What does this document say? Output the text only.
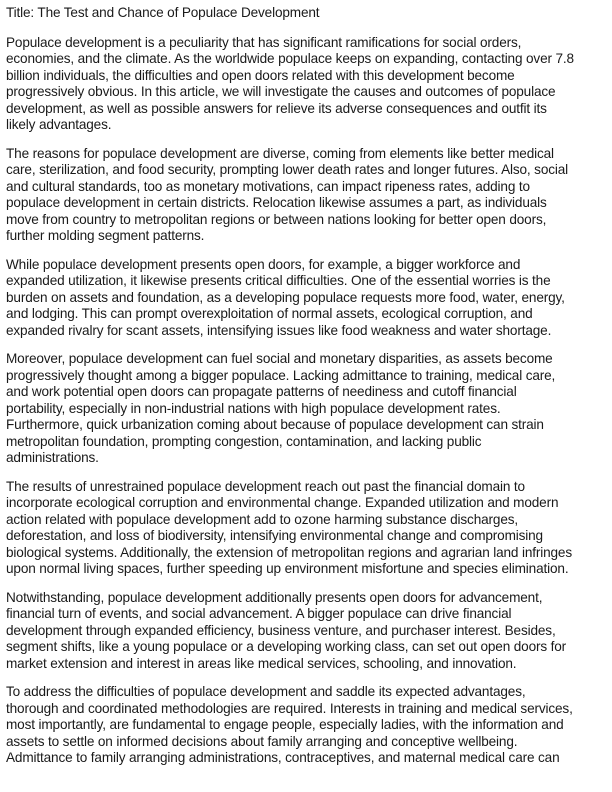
Title: The Test and Chance of Populace Development

Populace development is a peculiarity that has significant ramifications for social orders,
economies, and the climate. As the worldwide populace keeps on expanding, contacting over 7.8
billion individuals, the difficulties and open doors related with this development become
progressively obvious. In this article, we will investigate the causes and outcomes of populace
development, as well as possible answers for relieve its adverse consequences and outfit its
likely advantages.

The reasons for populace development are diverse, coming from elements like better medical
care, sterilization, and food security, prompting lower death rates and longer futures. Also, social
and cultural standards, too as monetary motivations, can impact ripeness rates, adding to
populace development in certain districts. Relocation likewise assumes a part, as individuals
move from country to metropolitan regions or between nations looking for better open doors,
further molding segment patterns.

While populace development presents open doors, for example, a bigger workforce and
expanded utilization, it likewise presents critical difficulties. One of the essential worries is the
burden on assets and foundation, as a developing populace requests more food, water, energy,
and lodging. This can prompt overexploitation of normal assets, ecological corruption, and
expanded rivalry for scant assets, intensifying issues like food weakness and water shortage.

Moreover, populace development can fuel social and monetary disparities, as assets become
progressively thought among a bigger populace. Lacking admittance to training, medical care,
and work potential open doors can propagate patterns of neediness and cutoff financial
portability, especially in non-industrial nations with high populace development rates.
Furthermore, quick urbanization coming about because of populace development can strain
metropolitan foundation, prompting congestion, contamination, and lacking public
administrations.

The results of unrestrained populace development reach out past the financial domain to
incorporate ecological corruption and environmental change. Expanded utilization and modern
action related with populace development add to ozone harming substance discharges,
deforestation, and loss of biodiversity, intensifying environmental change and compromising
biological systems. Additionally, the extension of metropolitan regions and agrarian land infringes
upon normal living spaces, further speeding up environment misfortune and species elimination.

Notwithstanding, populace development additionally presents open doors for advancement,
financial turn of events, and social advancement. A bigger populace can drive financial
development through expanded efficiency, business venture, and purchaser interest. Besides,
segment shifts, like a young populace or a developing working class, can set out open doors for
market extension and interest in areas like medical services, schooling, and innovation.

To address the difficulties of populace development and saddle its expected advantages,
thorough and coordinated methodologies are required. Interests in training and medical services,
most importantly, are fundamental to engage people, especially ladies, with the information and
assets to settle on informed decisions about family arranging and conceptive wellbeing.
Admittance to family arranging administrations, contraceptives, and maternal medical care can
